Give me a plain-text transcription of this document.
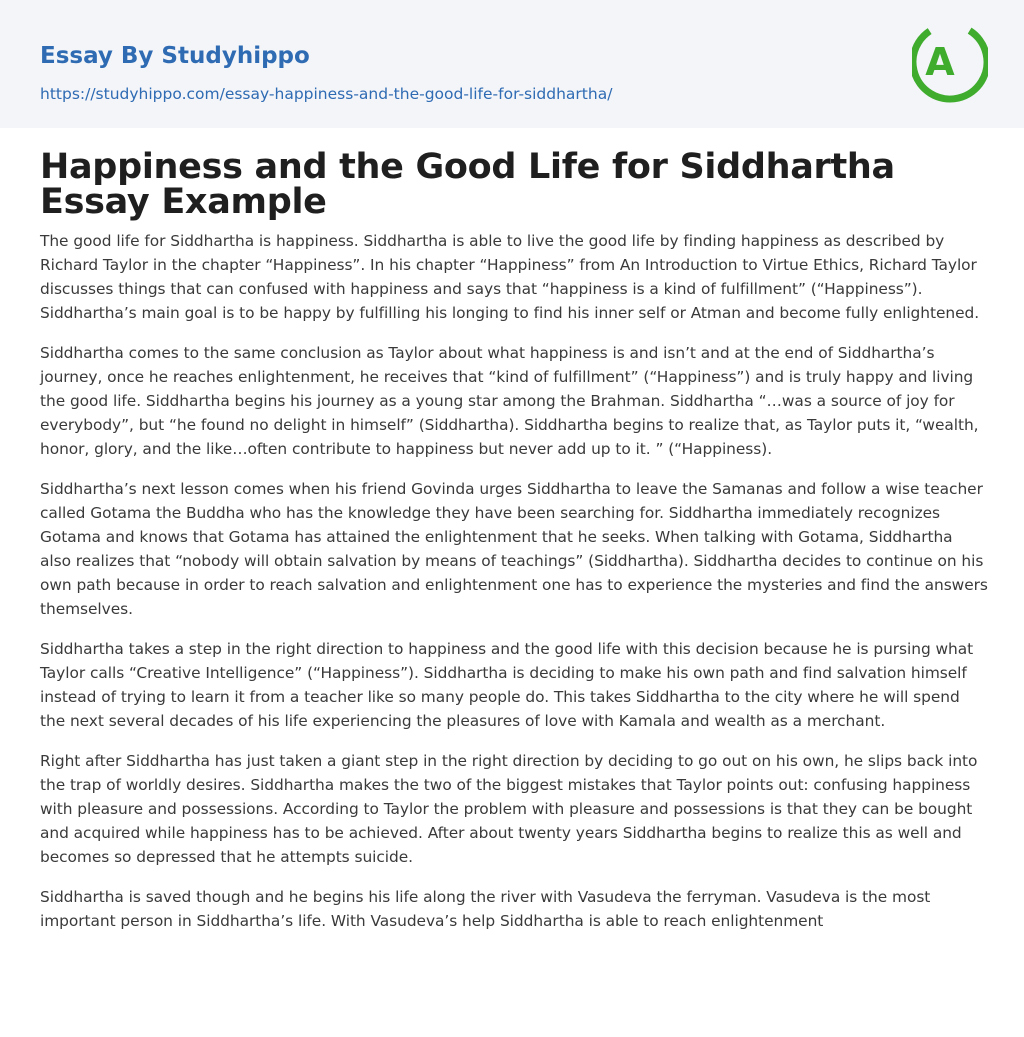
Essay By Studyhippo
https://studyhippo.com/essay-happiness-and-the-good-life-for-siddhartha/
A
Happiness and the Good Life for Siddhartha Essay Example

The good life for Siddhartha is happiness. Siddhartha is able to live the good life by finding happiness as described by Richard Taylor in the chapter “Happiness”. In his chapter “Happiness” from An Introduction to Virtue Ethics, Richard Taylor discusses things that can confused with happiness and says that “happiness is a kind of fulfillment” (“Happiness”). Siddhartha’s main goal is to be happy by fulfilling his longing to find his inner self or Atman and become fully enlightened.

Siddhartha comes to the same conclusion as Taylor about what happiness is and isn’t and at the end of Siddhartha’s journey, once he reaches enlightenment, he receives that “kind of fulfillment” (“Happiness”) and is truly happy and living the good life. Siddhartha begins his journey as a young star among the Brahman. Siddhartha “…was a source of joy for everybody”, but “he found no delight in himself” (Siddhartha). Siddhartha begins to realize that, as Taylor puts it, “wealth, honor, glory, and the like…often contribute to happiness but never add up to it. ” (“Happiness).

Siddhartha’s next lesson comes when his friend Govinda urges Siddhartha to leave the Samanas and follow a wise teacher called Gotama the Buddha who has the knowledge they have been searching for. Siddhartha immediately recognizes Gotama and knows that Gotama has attained the enlightenment that he seeks. When talking with Gotama, Siddhartha also realizes that “nobody will obtain salvation by means of teachings” (Siddhartha). Siddhartha decides to continue on his own path because in order to reach salvation and enlightenment one has to experience the mysteries and find the answers themselves.

Siddhartha takes a step in the right direction to happiness and the good life with this decision because he is pursing what Taylor calls “Creative Intelligence” (“Happiness”). Siddhartha is deciding to make his own path and find salvation himself instead of trying to learn it from a teacher like so many people do. This takes Siddhartha to the city where he will spend the next several decades of his life experiencing the pleasures of love with Kamala and wealth as a merchant.

Right after Siddhartha has just taken a giant step in the right direction by deciding to go out on his own, he slips back into the trap of worldly desires. Siddhartha makes the two of the biggest mistakes that Taylor points out: confusing happiness with pleasure and possessions. According to Taylor the problem with pleasure and possessions is that they can be bought and acquired while happiness has to be achieved. After about twenty years Siddhartha begins to realize this as well and becomes so depressed that he attempts suicide.

Siddhartha is saved though and he begins his life along the river with Vasudeva the ferryman. Vasudeva is the most important person in Siddhartha’s life. With Vasudeva’s help Siddhartha is able to reach enlightenment
